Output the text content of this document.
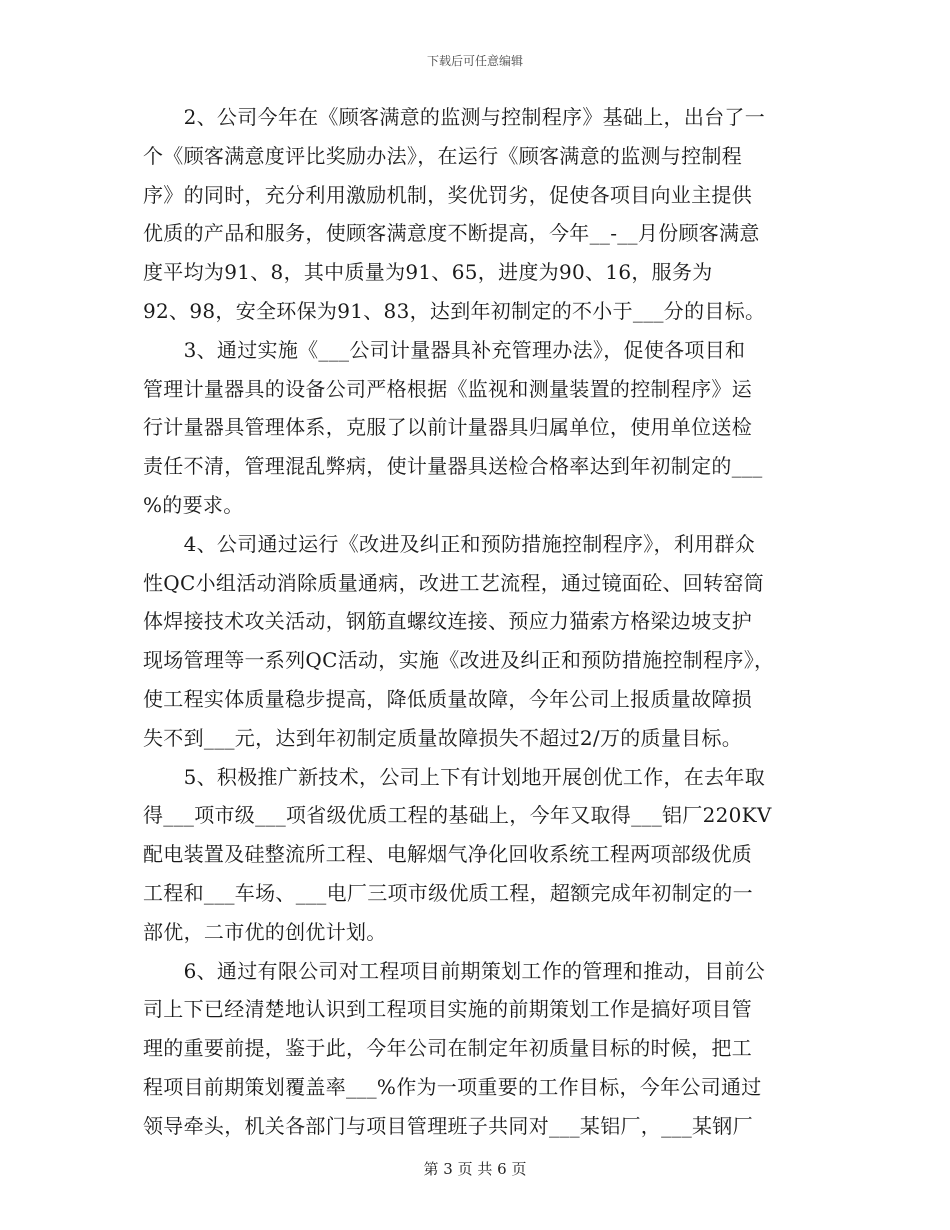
下载后可任意编辑
　　2、公司今年在《顾客满意的监测与控制程序》基础上，出台了一
个《顾客满意度评比奖励办法》，在运行《顾客满意的监测与控制程
序》的同时，充分利用激励机制，奖优罚劣，促使各项目向业主提供
优质的产品和服务，使顾客满意度不断提高，今年__-__月份顾客满意
度平均为91、8，其中质量为91、65，进度为90、16，服务为
92、98，安全环保为91、83，达到年初制定的不小于___分的目标。
　　3、通过实施《___公司计量器具补充管理办法》，促使各项目和
管理计量器具的设备公司严格根据《监视和测量装置的控制程序》运
行计量器具管理体系，克服了以前计量器具归属单位，使用单位送检
责任不清，管理混乱弊病，使计量器具送检合格率达到年初制定的___
%的要求。
　　4、公司通过运行《改进及纠正和预防措施控制程序》，利用群众
性QC小组活动消除质量通病，改进工艺流程，通过镜面砼、回转窑筒
体焊接技术攻关活动，钢筋直螺纹连接、预应力猫索方格梁边坡支护
现场管理等一系列QC活动，实施《改进及纠正和预防措施控制程序》，
使工程实体质量稳步提高，降低质量故障，今年公司上报质量故障损
失不到___元，达到年初制定质量故障损失不超过2/万的质量目标。
　　5、积极推广新技术，公司上下有计划地开展创优工作，在去年取
得___项市级___项省级优质工程的基础上，今年又取得___铝厂220KV
配电装置及硅整流所工程、电解烟气净化回收系统工程两项部级优质
工程和___车场、___电厂三项市级优质工程，超额完成年初制定的一
部优，二市优的创优计划。
　　6、通过有限公司对工程项目前期策划工作的管理和推动，目前公
司上下已经清楚地认识到工程项目实施的前期策划工作是搞好项目管
理的重要前提，鉴于此，今年公司在制定年初质量目标的时候，把工
程项目前期策划覆盖率___%作为一项重要的工作目标，今年公司通过
领导牵头，机关各部门与项目管理班子共同对___某铝厂，___某钢厂
第 3 页 共 6 页
